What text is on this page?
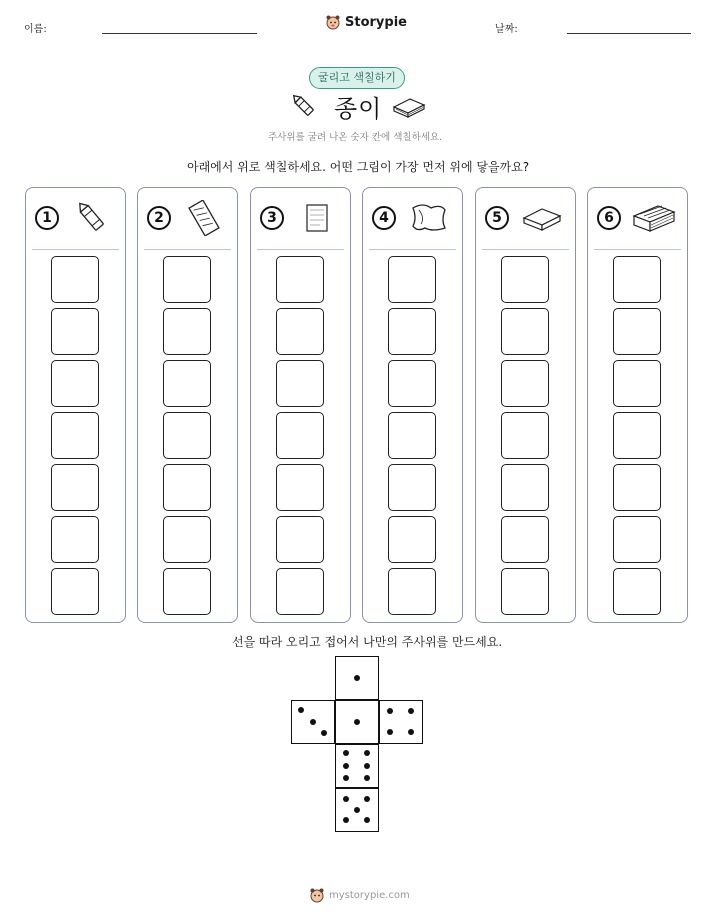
이름:	Storypie	날짜:
굴리고 색칠하기
종이
주사위를 굴려 나온 숫자 칸에 색칠하세요.
아래에서 위로 색칠하세요. 어떤 그림이 가장 먼저 위에 닿을까요?
1	2	3	4	5	6
선을 따라 오리고 접어서 나만의 주사위를 만드세요.
mystorypie.com
